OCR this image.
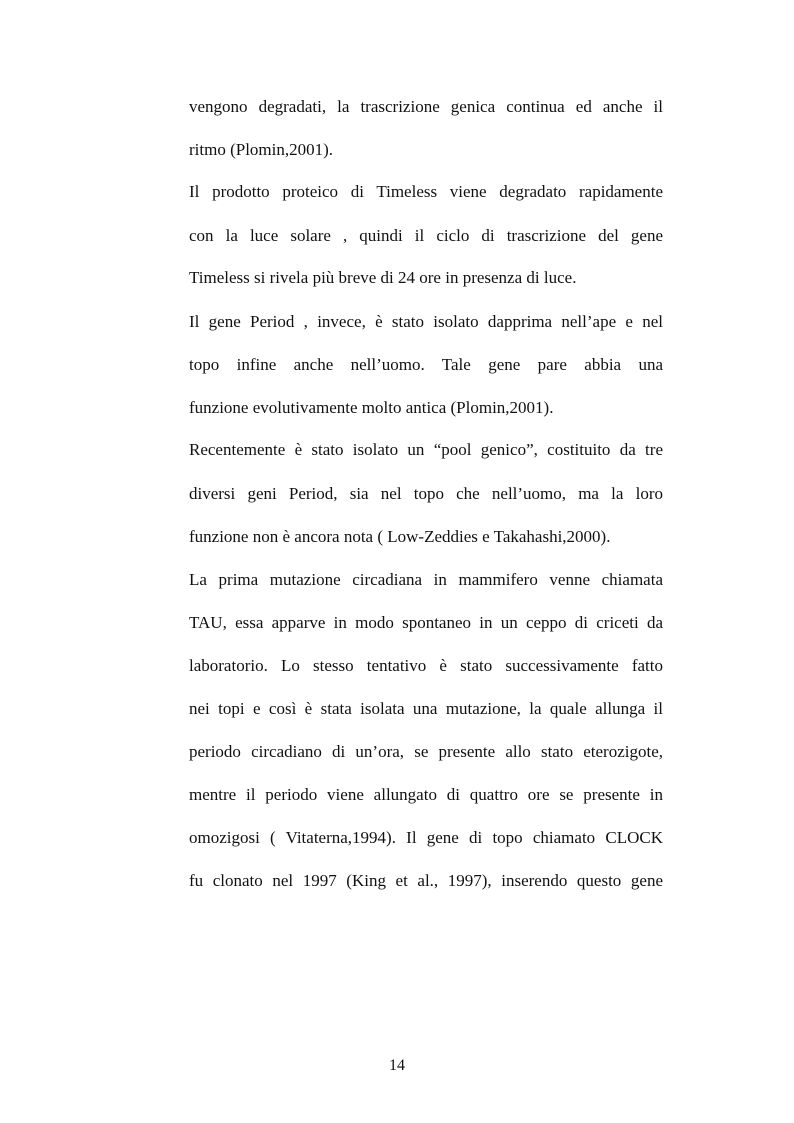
vengono degradati, la trascrizione genica continua ed anche il

ritmo (Plomin,2001).

Il prodotto proteico di Timeless viene degradato rapidamente

con la luce solare , quindi il ciclo di trascrizione del gene

Timeless si rivela più breve di 24 ore in presenza di luce.

Il gene Period , invece, è stato isolato dapprima nell’ape e nel

topo infine anche nell’uomo. Tale gene pare abbia una

funzione evolutivamente molto antica (Plomin,2001).

Recentemente è stato isolato un “pool genico”, costituito da tre

diversi geni Period, sia nel topo che nell’uomo, ma la loro

funzione non è ancora nota ( Low-Zeddies e Takahashi,2000).

La prima mutazione circadiana in mammifero venne chiamata

TAU, essa apparve in modo spontaneo in un ceppo di criceti da

laboratorio. Lo stesso tentativo è stato successivamente fatto

nei topi e così è stata isolata una mutazione, la quale allunga il

periodo circadiano di un’ora, se presente allo stato eterozigote,

mentre il periodo viene allungato di quattro ore se presente in

omozigosi ( Vitaterna,1994). Il gene di topo chiamato CLOCK

fu clonato nel 1997 (King et al., 1997), inserendo questo gene

14
